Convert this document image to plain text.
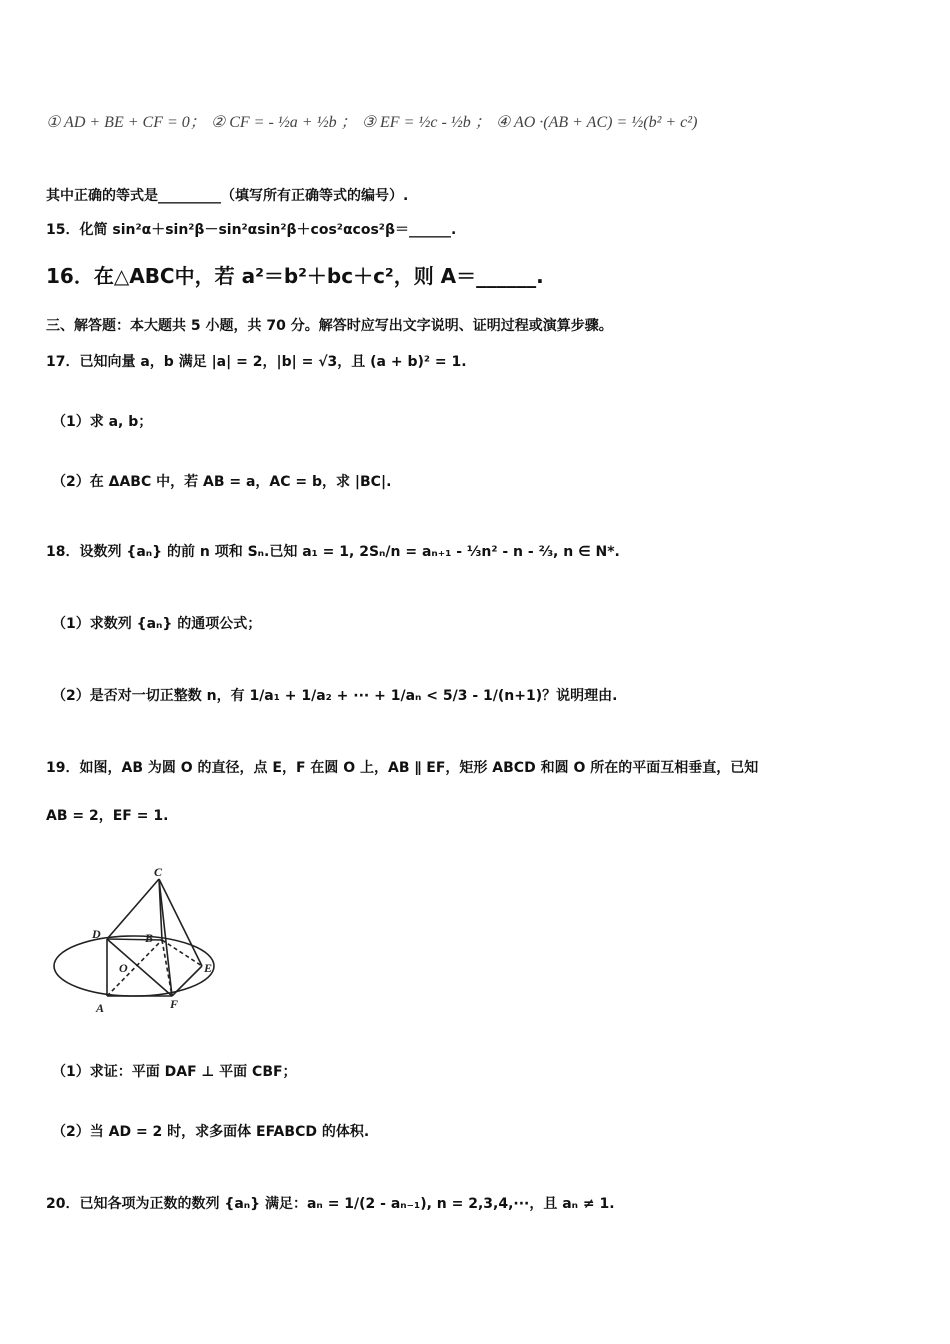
① AD + BE + CF = 0； ② CF = - ½a + ½b ； ③ EF = ½c - ½b ； ④ AO ·(AB + AC) = ½(b² + c²)
其中正确的等式是_________（填写所有正确等式的编号）.
15．化简 sin²α＋sin²β－sin²αsin²β＋cos²αcos²β＝______.
16．在△ABC中，若 a²＝b²＋bc＋c²，则 A＝______.
三、解答题：本大题共 5 小题，共 70 分。解答时应写出文字说明、证明过程或演算步骤。
17．已知向量 a，b 满足 |a| = 2，|b| = √3，且 (a + b)² = 1.
（1）求 a, b；
（2）在 ΔABC 中，若 AB = a，AC = b，求 |BC|.
18．设数列 {aₙ} 的前 n 项和 Sₙ.已知 a₁ = 1, 2Sₙ/n = aₙ₊₁ - ⅓n² - n - ⅔, n ∈ N*.
（1）求数列 {aₙ} 的通项公式；
（2）是否对一切正整数 n，有 1/a₁ + 1/a₂ + ··· + 1/aₙ < 5/3 - 1/(n+1)？说明理由.
19．如图，AB 为圆 O 的直径，点 E，F 在圆 O 上，AB ∥ EF，矩形 ABCD 和圆 O 所在的平面互相垂直，已知
AB = 2，EF = 1.
C
D	B
O	E
A	F
（1）求证：平面 DAF ⊥ 平面 CBF；
（2）当 AD = 2 时，求多面体 EFABCD 的体积.
20．已知各项为正数的数列 {aₙ} 满足：aₙ = 1/(2 - aₙ₋₁), n = 2,3,4,···，且 aₙ ≠ 1.
